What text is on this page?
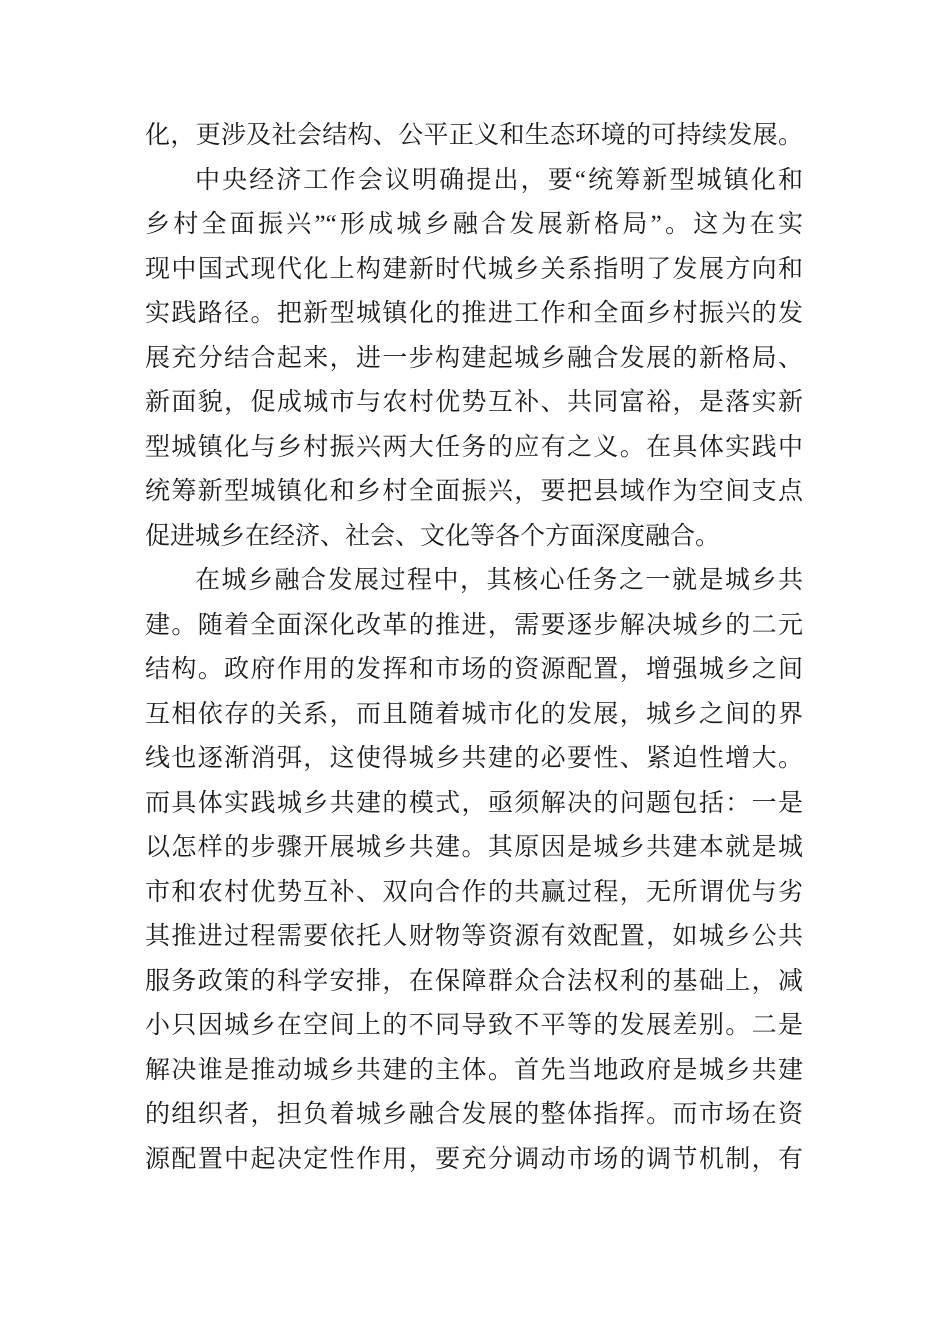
化，更涉及社会结构、公平正义和生态环境的可持续发展。
中央经济工作会议明确提出，要“统筹新型城镇化和
乡村全面振兴”“形成城乡融合发展新格局”。这为在实
现中国式现代化上构建新时代城乡关系指明了发展方向和
实践路径。把新型城镇化的推进工作和全面乡村振兴的发
展充分结合起来，进一步构建起城乡融合发展的新格局、
新面貌，促成城市与农村优势互补、共同富裕，是落实新
型城镇化与乡村振兴两大任务的应有之义。在具体实践中
统筹新型城镇化和乡村全面振兴，要把县域作为空间支点
促进城乡在经济、社会、文化等各个方面深度融合。
在城乡融合发展过程中，其核心任务之一就是城乡共
建。随着全面深化改革的推进，需要逐步解决城乡的二元
结构。政府作用的发挥和市场的资源配置，增强城乡之间
互相依存的关系，而且随着城市化的发展，城乡之间的界
线也逐渐消弭，这使得城乡共建的必要性、紧迫性增大。
而具体实践城乡共建的模式，亟须解决的问题包括：一是
以怎样的步骤开展城乡共建。其原因是城乡共建本就是城
市和农村优势互补、双向合作的共赢过程，无所谓优与劣
其推进过程需要依托人财物等资源有效配置，如城乡公共
服务政策的科学安排，在保障群众合法权利的基础上，减
小只因城乡在空间上的不同导致不平等的发展差别。二是
解决谁是推动城乡共建的主体。首先当地政府是城乡共建
的组织者，担负着城乡融合发展的整体指挥。而市场在资
源配置中起决定性作用，要充分调动市场的调节机制，有
